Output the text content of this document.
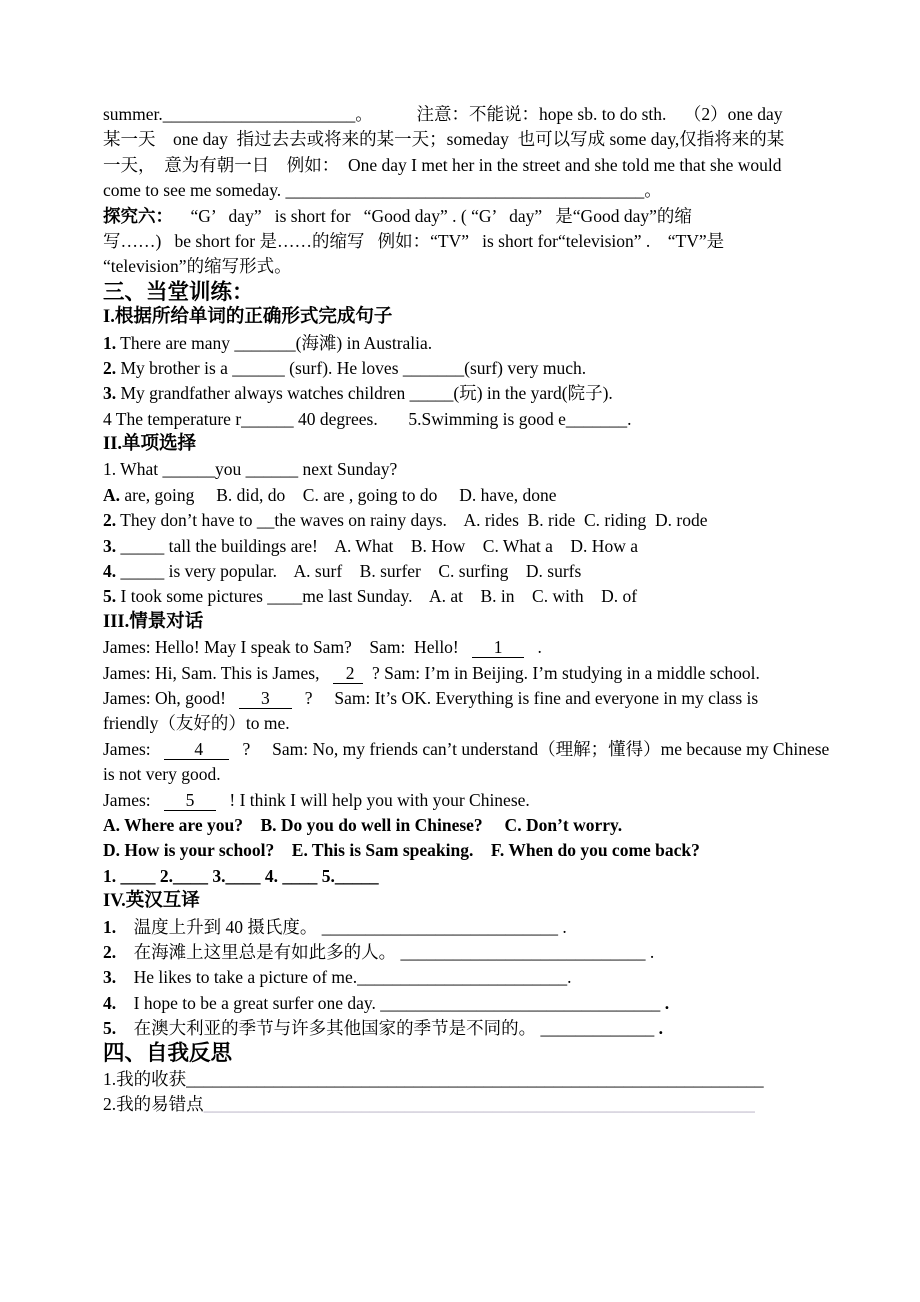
summer.______________________。          注意：不能说：hope sb. to do sth.    （2）one day
某一天    one day  指过去去或将来的某一天；someday  也可以写成 some day,仅指将来的某
一天，  意为有朝一日    例如：  One day I met her in the street and she told me that she would
come to see me someday. _________________________________________。
探究六：    “G’   day”   is short for   “Good day” . ( “G’   day”   是“Good day”的缩
写……)   be short for 是……的缩写   例如：“TV”   is short for“television” .    “TV”是
“television”的缩写形式。
三、当堂训练：
I.根据所给单词的正确形式完成句子
1. There are many _______(海滩) in Australia.
2. My brother is a ______ (surf). He loves _______(surf) very much.
3. My grandfather always watches children _____(玩) in the yard(院子).
4 The temperature r______ 40 degrees.       5.Swimming is good e_______.
II.单项选择
1. What ______you ______ next Sunday?
A. are, going     B. did, do    C. are , going to do     D. have, done
2. They don’t have to __the waves on rainy days.    A. rides  B. ride  C. riding  D. rode
3. _____ tall the buildings are!    A. What    B. How    C. What a    D. How a
4. _____ is very popular.    A. surf    B. surfer    C. surfing    D. surfs
5. I took some pictures ____me last Sunday.    A. at    B. in    C. with    D. of
III.情景对话
James: Hello! May I speak to Sam?    Sam:  Hello!        1        .
James: Hi, Sam. This is James,      2    ? Sam: I’m in Beijing. I’m studying in a middle school.
James: Oh, good!        3        ?     Sam: It’s OK. Everything is fine and everyone in my class is
friendly（友好的）to me.
James:          4         ?     Sam: No, my friends can’t understand（理解；懂得）me because my Chinese
is not very good.
James:        5        ! I think I will help you with your Chinese.
A. Where are you?    B. Do you do well in Chinese?     C. Don’t worry.
D. How is your school?    E. This is Sam speaking.    F. When do you come back?
1. ____ 2.____ 3.____ 4. ____ 5._____
IV.英汉互译
1.    温度上升到 40 摄氏度。 ___________________________ .
2.    在海滩上这里总是有如此多的人。 ____________________________ .
3.    He likes to take a picture of me.________________________.
4.    I hope to be a great surfer one day. ________________________________ .
5.    在澳大利亚的季节与许多其他国家的季节是不同的。 _____________ .
四、自我反思
1.我的收获__________________________________________________________________
2.我的易错点_______________________________________________________________
